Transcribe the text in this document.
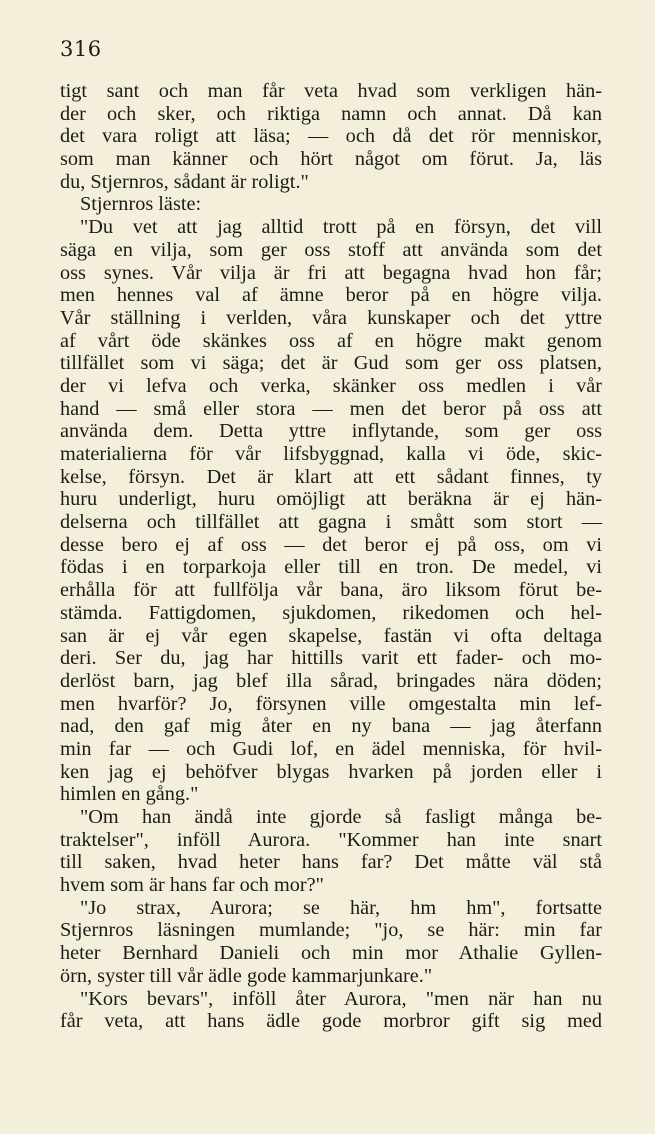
316
tigt sant och man får veta hvad som verkligen hän-
der och sker, och riktiga namn och annat. Då kan
det vara roligt att läsa; — och då det rör menniskor,
som man känner och hört något om förut. Ja, läs
du, Stjernros, sådant är roligt."
Stjernros läste:
"Du vet att jag alltid trott på en försyn, det vill
säga en vilja, som ger oss stoff att använda som det
oss synes. Vår vilja är fri att begagna hvad hon får;
men hennes val af ämne beror på en högre vilja.
Vår ställning i verlden, våra kunskaper och det yttre
af vårt öde skänkes oss af en högre makt genom
tillfället som vi säga; det är Gud som ger oss platsen,
der vi lefva och verka, skänker oss medlen i vår
hand — små eller stora — men det beror på oss att
använda dem. Detta yttre inflytande, som ger oss
materialierna för vår lifsbyggnad, kalla vi öde, skic-
kelse, försyn. Det är klart att ett sådant finnes, ty
huru underligt, huru omöjligt att beräkna är ej hän-
delserna och tillfället att gagna i smått som stort —
desse bero ej af oss — det beror ej på oss, om vi
födas i en torparkoja eller till en tron. De medel, vi
erhålla för att fullfölja vår bana, äro liksom förut be-
stämda. Fattigdomen, sjukdomen, rikedomen och hel-
san är ej vår egen skapelse, fastän vi ofta deltaga
deri. Ser du, jag har hittills varit ett fader- och mo-
derlöst barn, jag blef illa sårad, bringades nära döden;
men hvarför? Jo, försynen ville omgestalta min lef-
nad, den gaf mig åter en ny bana — jag återfann
min far — och Gudi lof, en ädel menniska, för hvil-
ken jag ej behöfver blygas hvarken på jorden eller i
himlen en gång."
"Om han ändå inte gjorde så fasligt många be-
traktelser", inföll Aurora. "Kommer han inte snart
till saken, hvad heter hans far? Det måtte väl stå
hvem som är hans far och mor?"
"Jo strax, Aurora; se här, hm hm", fortsatte
Stjernros läsningen mumlande; "jo, se här: min far
heter Bernhard Danieli och min mor Athalie Gyllen-
örn, syster till vår ädle gode kammarjunkare."
"Kors bevars", inföll åter Aurora, "men när han nu
får veta, att hans ädle gode morbror gift sig med
